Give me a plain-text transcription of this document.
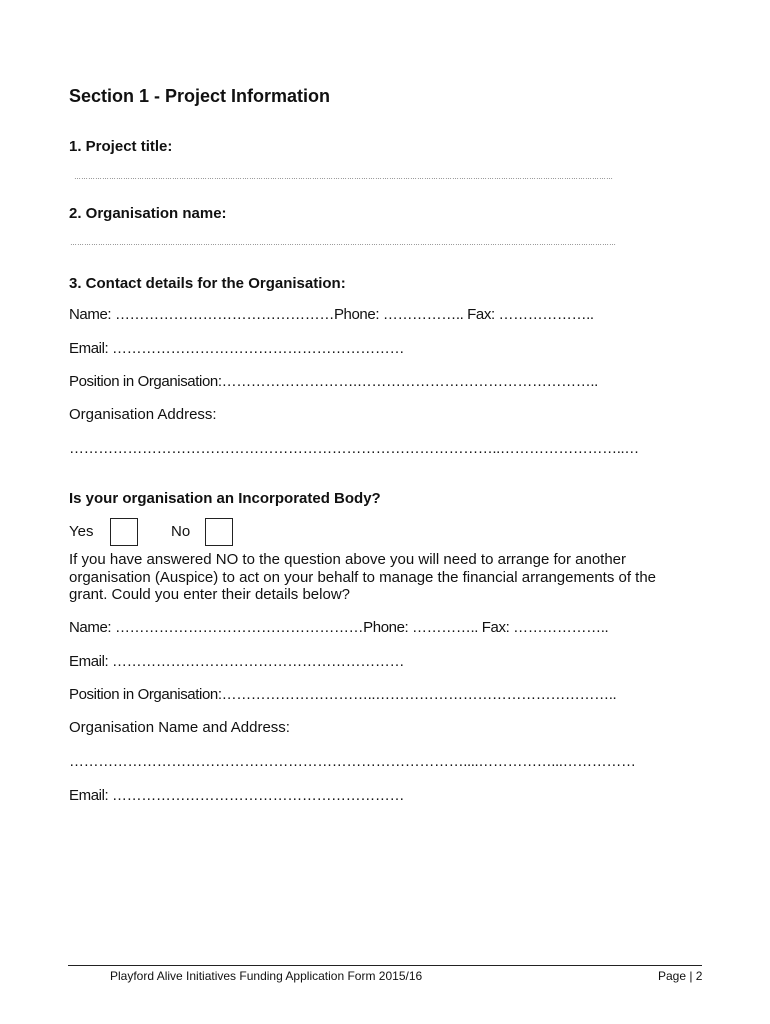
Section 1 - Project Information
1. Project title:
……………………………………………………………………………………………………………………………………………………………………………………………………………
2. Organisation name:
………………………………………………………………………………………………………………………………………………………………………………………………………………
3. Contact details for the Organisation:
Name: ………………………………………Phone: …………….. Fax: ………………..
Email: ……………………………………………………
Position in Organisation:……………………….…………………………………………..
Organisation Address:
……………………………………………………………………………..……………………..…
Is your organisation an Incorporated Body?
Yes	No
If you have answered NO to the question above you will need to arrange for another organisation (Auspice) to act on your behalf to manage the financial arrangements of the grant. Could you enter their details below?
Name: ……………………………………………Phone: ………….. Fax: ………………..
Email: ……………………………………………………
Position in Organisation:…………………………..…………………………………………..
Organisation Name and Address:
………………………………………………………………………....……………...……………
Email: ……………………………………………………
Playford Alive Initiatives Funding Application Form 2015/16	Page | 2
